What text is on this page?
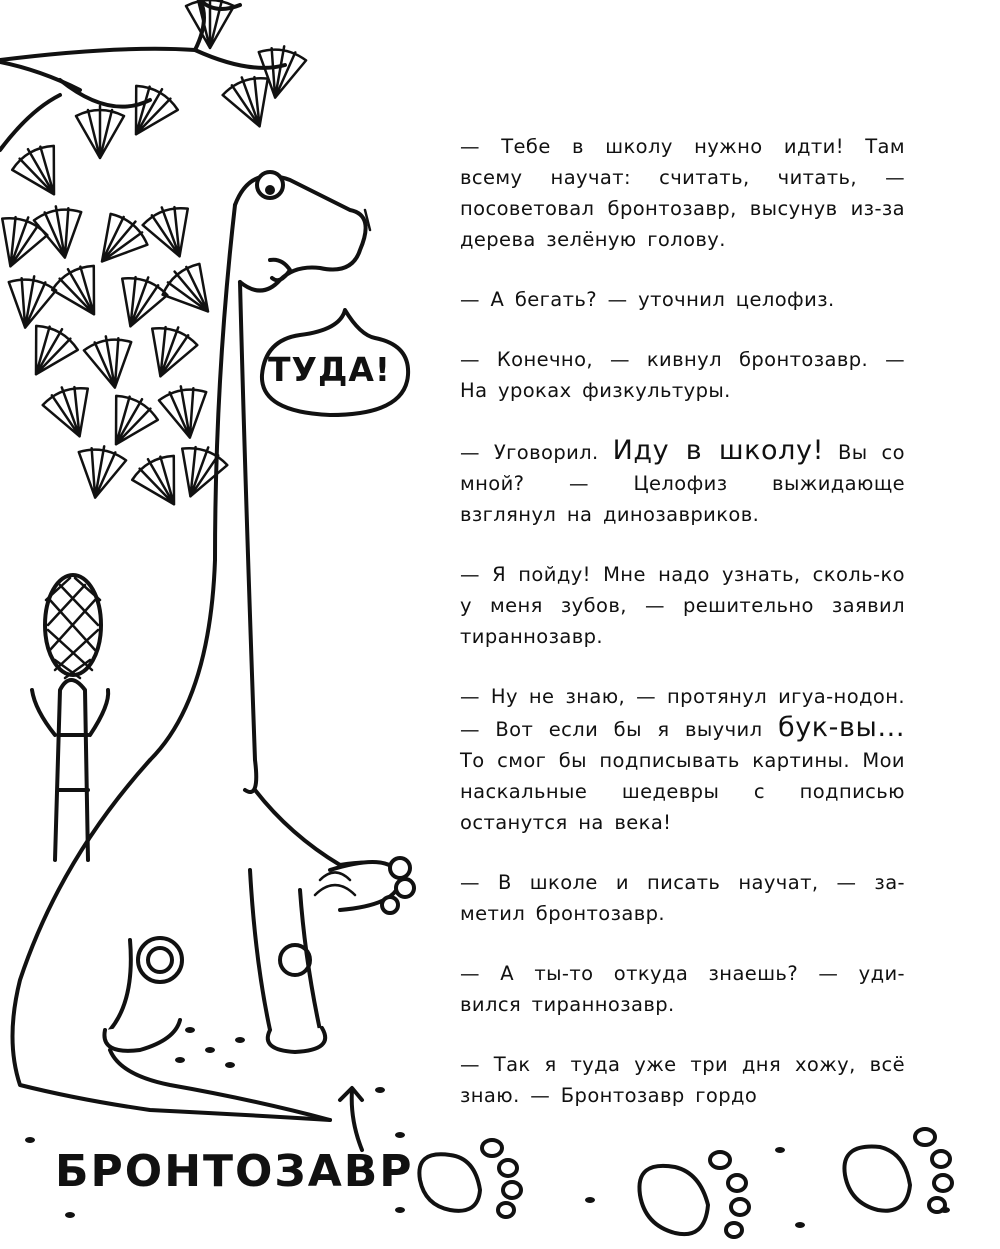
ТУДА!
БРОНТОЗАВР

— Тебе в школу нужно идти! Там всему научат: считать, читать, — посоветовал бронтозавр, высунув из-за дерева зелёную голову.

— А бегать? — уточнил целофиз.

— Конечно, — кивнул бронтозавр. — На уроках физкультуры.

— Уговорил. Иду в школу! Вы со мной? — Целофиз выжидающе взглянул на динозавриков.

— Я пойду! Мне надо узнать, сколь-ко у меня зубов, — решительно заявил тираннозавр.

— Ну не знаю, — протянул игуа-нодон. — Вот если бы я выучил бук-вы... То смог бы подписывать картины. Мои наскальные шедевры с подписью останутся на века!

— В школе и писать научат, — за-метил бронтозавр.

— А ты-то откуда знаешь? — уди-вился тираннозавр.

— Так я туда уже три дня хожу, всё знаю. — Бронтозавр гордо
